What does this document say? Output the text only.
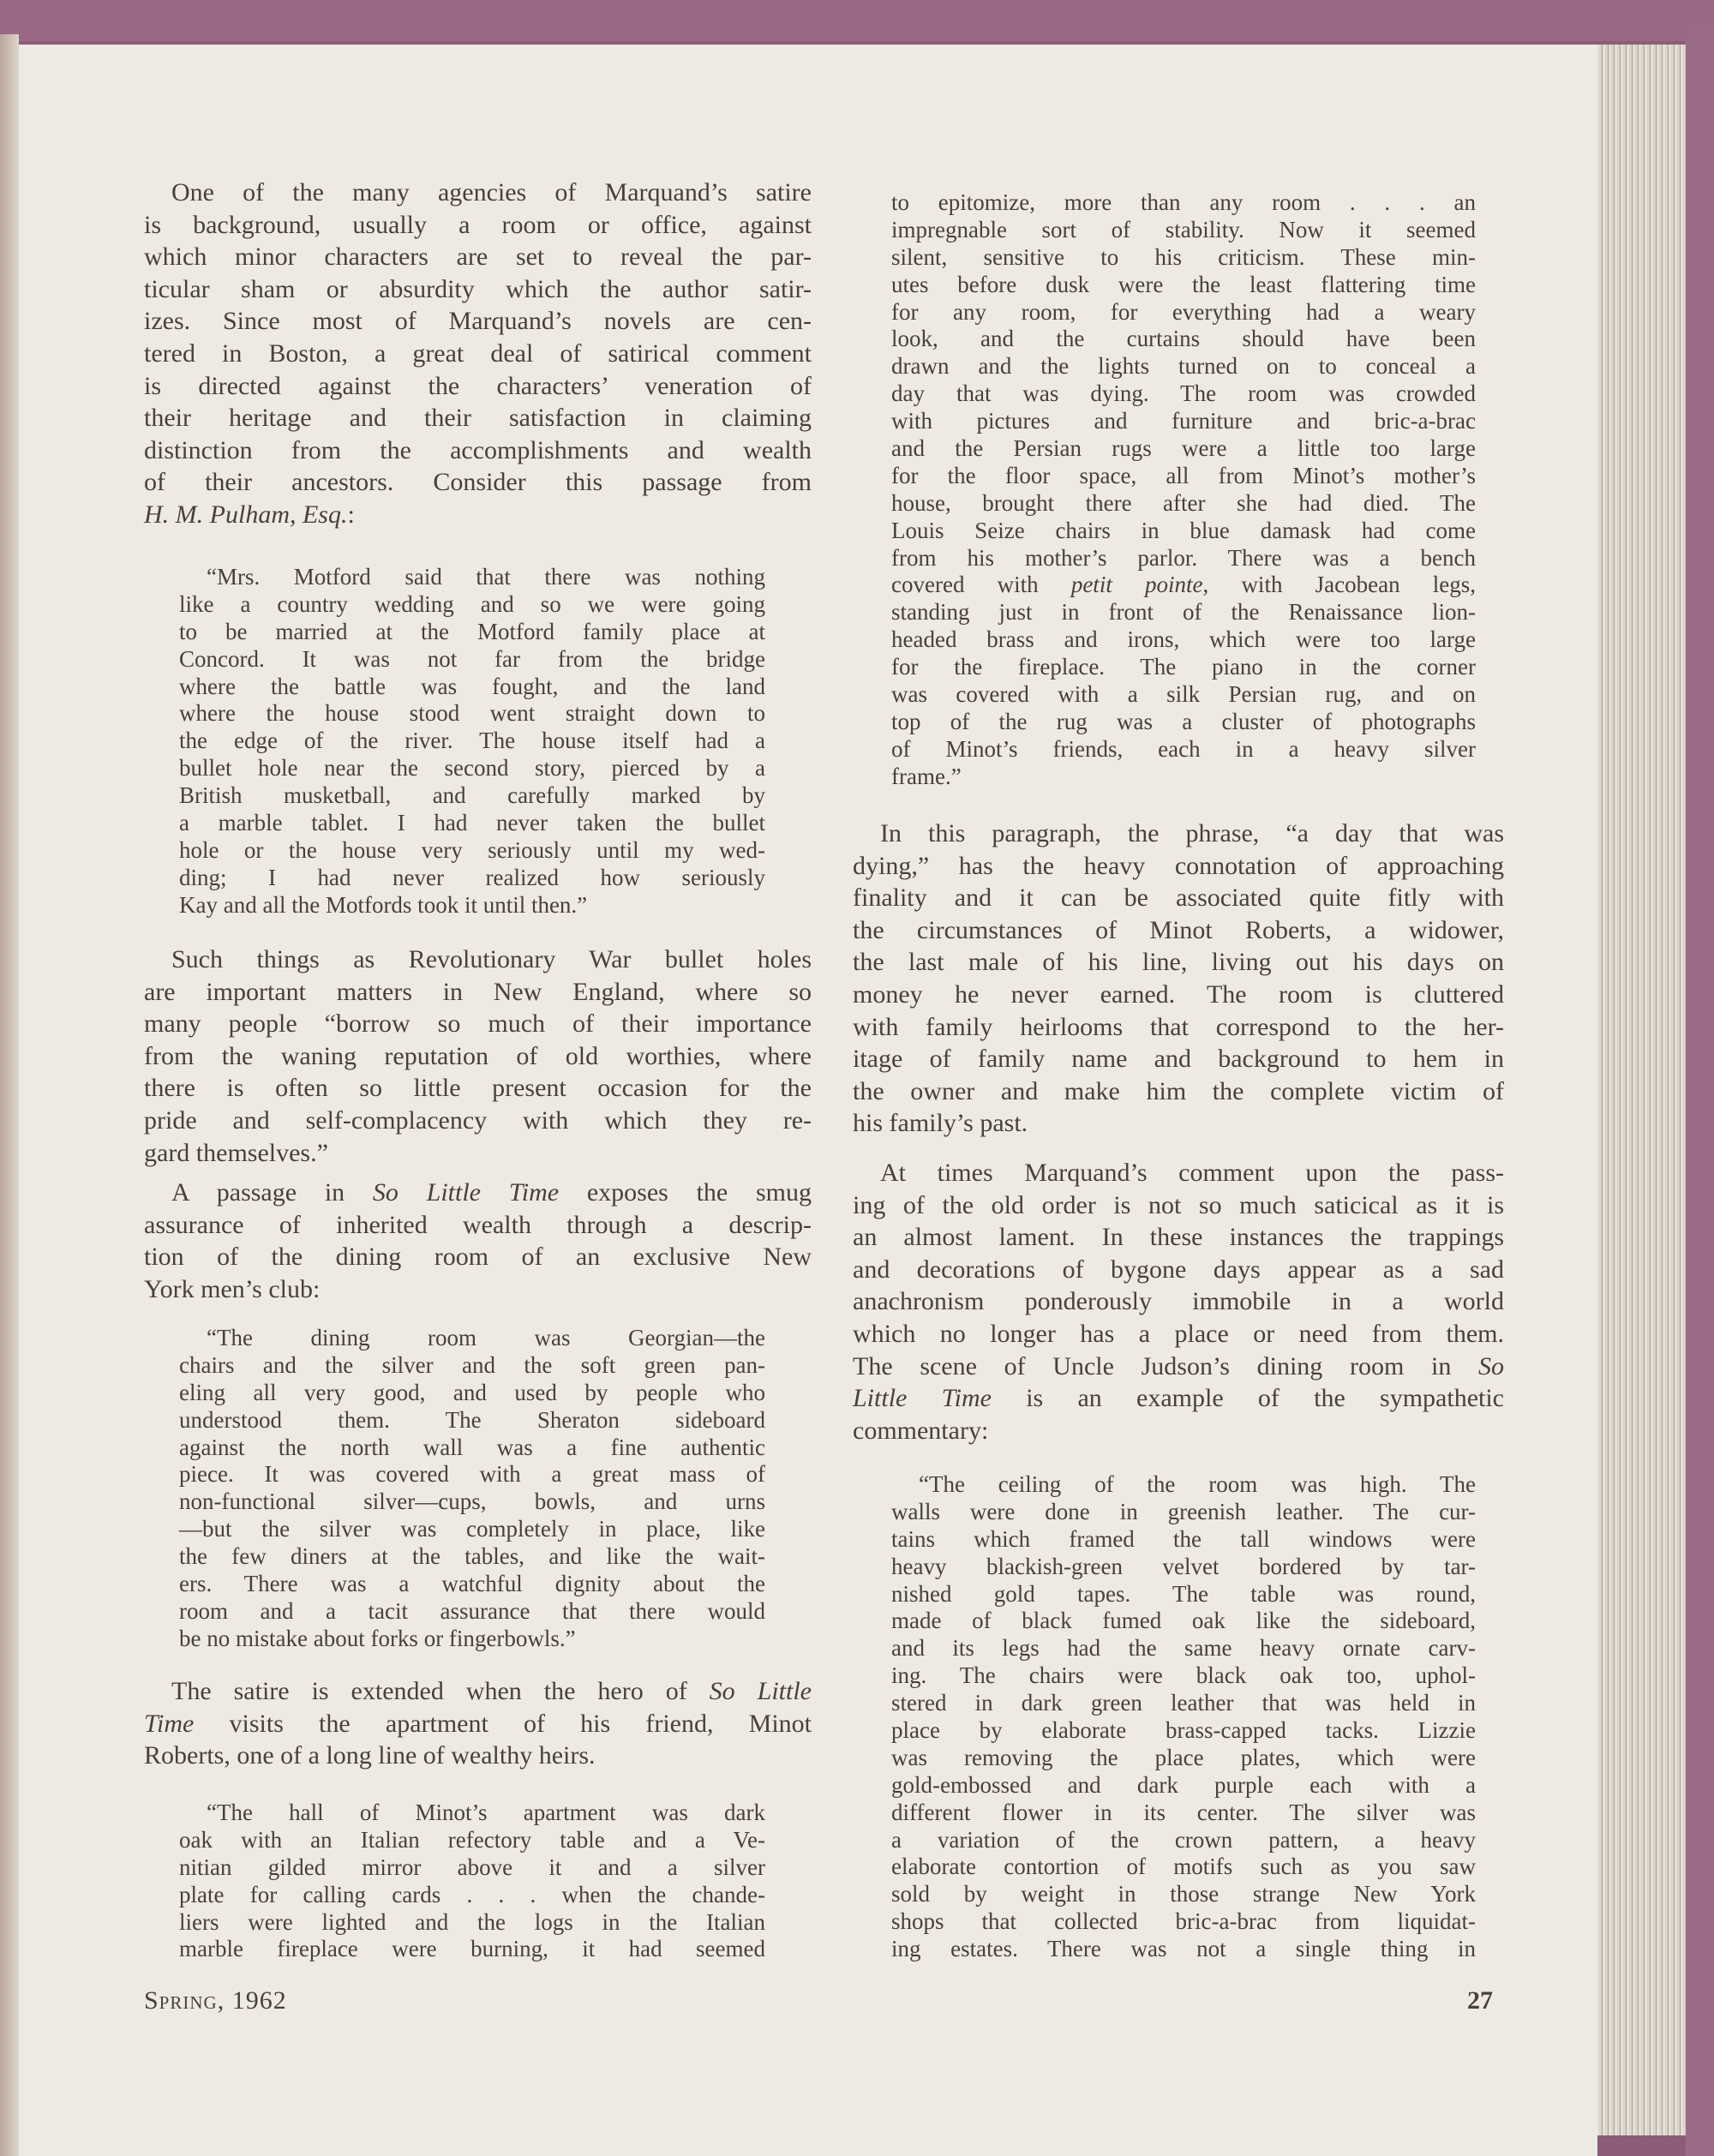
One of the many agencies of Marquand’s satire
is background, usually a room or office, against
which minor characters are set to reveal the par-
ticular sham or absurdity which the author satir-
izes. Since most of Marquand’s novels are cen-
tered in Boston, a great deal of satirical comment
is directed against the characters’ veneration of
their heritage and their satisfaction in claiming
distinction from the accomplishments and wealth
of their ancestors. Consider this passage from
H. M. Pulham, Esq.:
“Mrs. Motford said that there was nothing
like a country wedding and so we were going
to be married at the Motford family place at
Concord. It was not far from the bridge
where the battle was fought, and the land
where the house stood went straight down to
the edge of the river. The house itself had a
bullet hole near the second story, pierced by a
British musketball, and carefully marked by
a marble tablet. I had never taken the bullet
hole or the house very seriously until my wed-
ding; I had never realized how seriously
Kay and all the Motfords took it until then.”
Such things as Revolutionary War bullet holes
are important matters in New England, where so
many people “borrow so much of their importance
from the waning reputation of old worthies, where
there is often so little present occasion for the
pride and self-complacency with which they re-
gard themselves.”
A passage in So Little Time exposes the smug
assurance of inherited wealth through a descrip-
tion of the dining room of an exclusive New
York men’s club:
“The dining room was Georgian—the
chairs and the silver and the soft green pan-
eling all very good, and used by people who
understood them. The Sheraton sideboard
against the north wall was a fine authentic
piece. It was covered with a great mass of
non-functional silver—cups, bowls, and urns
—but the silver was completely in place, like
the few diners at the tables, and like the wait-
ers. There was a watchful dignity about the
room and a tacit assurance that there would
be no mistake about forks or fingerbowls.”
The satire is extended when the hero of So Little
Time visits the apartment of his friend, Minot
Roberts, one of a long line of wealthy heirs.
“The hall of Minot’s apartment was dark
oak with an Italian refectory table and a Ve-
nitian gilded mirror above it and a silver
plate for calling cards . . . when the chande-
liers were lighted and the logs in the Italian
marble fireplace were burning, it had seemed
to epitomize, more than any room . . . an
impregnable sort of stability. Now it seemed
silent, sensitive to his criticism. These min-
utes before dusk were the least flattering time
for any room, for everything had a weary
look, and the curtains should have been
drawn and the lights turned on to conceal a
day that was dying. The room was crowded
with pictures and furniture and bric-a-brac
and the Persian rugs were a little too large
for the floor space, all from Minot’s mother’s
house, brought there after she had died. The
Louis Seize chairs in blue damask had come
from his mother’s parlor. There was a bench
covered with petit pointe, with Jacobean legs,
standing just in front of the Renaissance lion-
headed brass and irons, which were too large
for the fireplace. The piano in the corner
was covered with a silk Persian rug, and on
top of the rug was a cluster of photographs
of Minot’s friends, each in a heavy silver
frame.”
In this paragraph, the phrase, “a day that was
dying,” has the heavy connotation of approaching
finality and it can be associated quite fitly with
the circumstances of Minot Roberts, a widower,
the last male of his line, living out his days on
money he never earned. The room is cluttered
with family heirlooms that correspond to the her-
itage of family name and background to hem in
the owner and make him the complete victim of
his family’s past.
At times Marquand’s comment upon the pass-
ing of the old order is not so much saticical as it is
an almost lament. In these instances the trappings
and decorations of bygone days appear as a sad
anachronism ponderously immobile in a world
which no longer has a place or need from them.
The scene of Uncle Judson’s dining room in So
Little Time is an example of the sympathetic
commentary:
“The ceiling of the room was high. The
walls were done in greenish leather. The cur-
tains which framed the tall windows were
heavy blackish-green velvet bordered by tar-
nished gold tapes. The table was round,
made of black fumed oak like the sideboard,
and its legs had the same heavy ornate carv-
ing. The chairs were black oak too, uphol-
stered in dark green leather that was held in
place by elaborate brass-capped tacks. Lizzie
was removing the place plates, which were
gold-embossed and dark purple each with a
different flower in its center. The silver was
a variation of the crown pattern, a heavy
elaborate contortion of motifs such as you saw
sold by weight in those strange New York
shops that collected bric-a-brac from liquidat-
ing estates. There was not a single thing in
Spring, 1962	27
